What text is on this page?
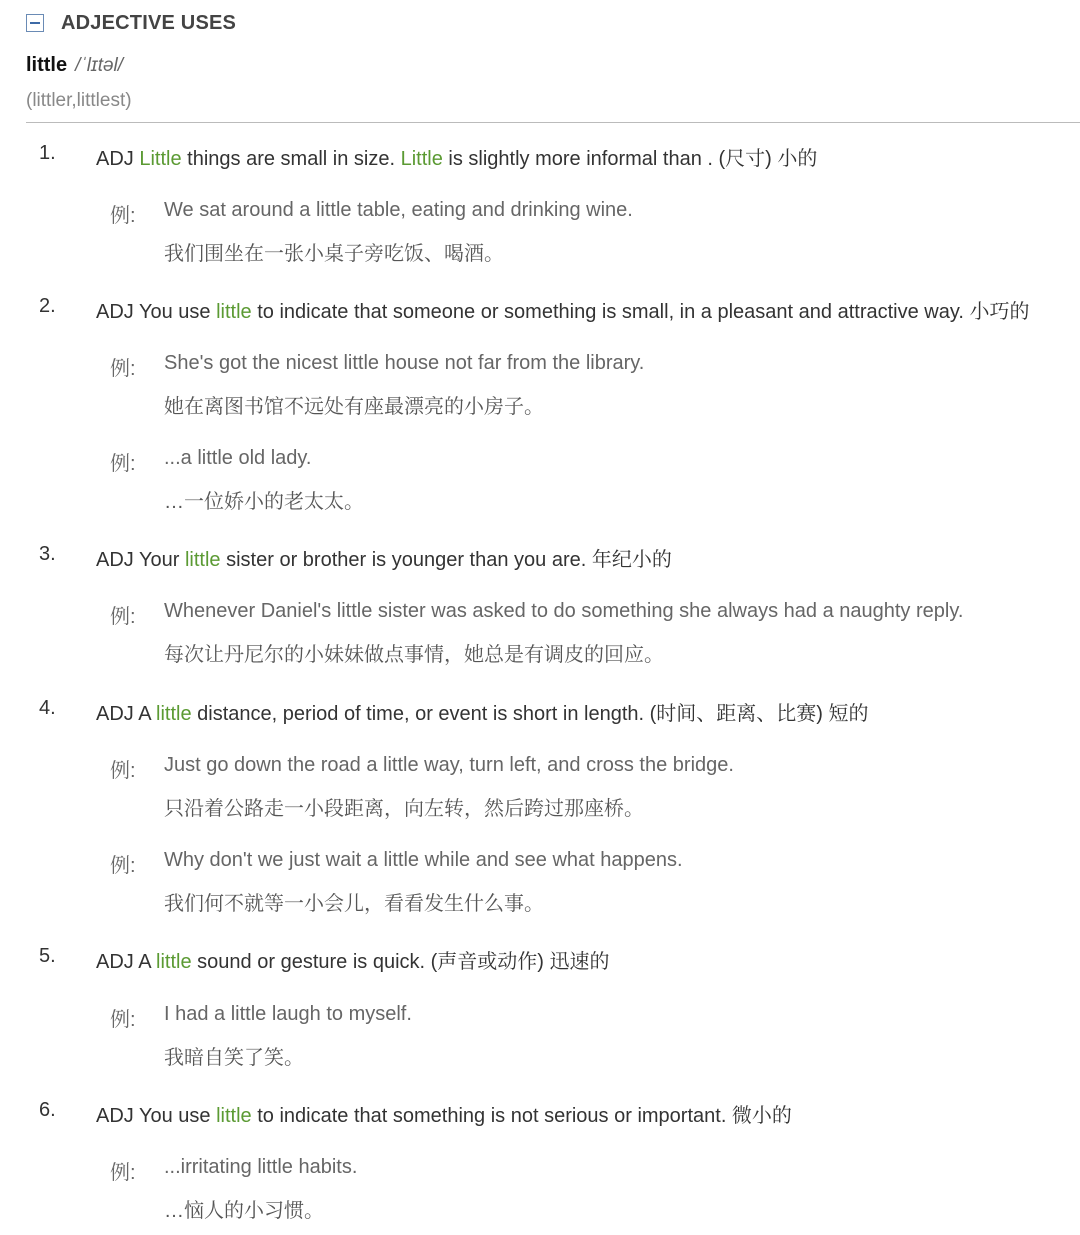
ADJECTIVE USES
little /ˈlɪtəl/
(littler,littlest)
1. ADJ Little things are small in size. Little is slightly more informal than . (尺寸) 小的
例: We sat around a little table, eating and drinking wine.
我们围坐在一张小桌子旁吃饭、喝酒。
2. ADJ You use little to indicate that someone or something is small, in a pleasant and attractive way. 小巧的
例: She's got the nicest little house not far from the library.
她在离图书馆不远处有座最漂亮的小房子。
例: ...a little old lady.
…一位娇小的老太太。
3. ADJ Your little sister or brother is younger than you are. 年纪小的
例: Whenever Daniel's little sister was asked to do something she always had a naughty reply.
每次让丹尼尔的小妹妹做点事情，她总是有调皮的回应。
4. ADJ A little distance, period of time, or event is short in length. (时间、距离、比赛) 短的
例: Just go down the road a little way, turn left, and cross the bridge.
只沿着公路走一小段距离，向左转，然后跨过那座桥。
例: Why don't we just wait a little while and see what happens.
我们何不就等一小会儿，看看发生什么事。
5. ADJ A little sound or gesture is quick. (声音或动作) 迅速的
例: I had a little laugh to myself.
我暗自笑了笑。
6. ADJ You use little to indicate that something is not serious or important. 微小的
例: ...irritating little habits.
…恼人的小习惯。
